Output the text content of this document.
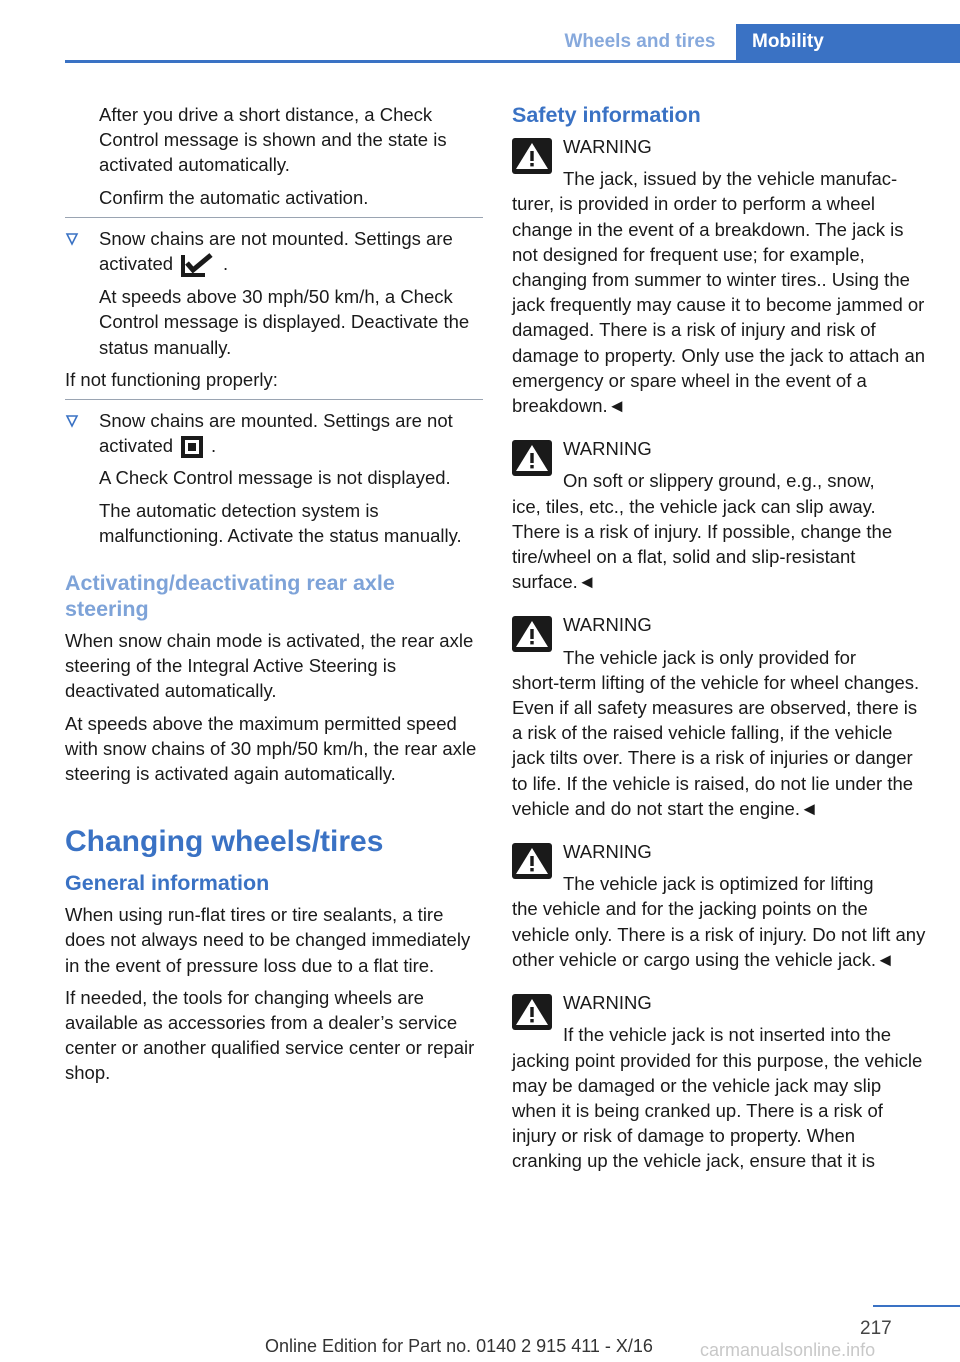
Wheels and tires	Mobility

After you drive a short distance, a Check Control message is shown and the state is activated automatically.

Confirm the automatic activation.

Snow chains are not mounted. Settings are activated	.

At speeds above 30 mph/50 km/h, a Check Control message is displayed. Deactivate the status manually.

If not functioning properly:

Snow chains are mounted. Settings are not activated .

A Check Control message is not displayed.

The automatic detection system is malfunctioning. Activate the status manually.

Activating/deactivating rear axle steering

When snow chain mode is activated, the rear axle steering of the Integral Active Steering is deactivated automatically.

At speeds above the maximum permitted speed with snow chains of 30 mph/50 km/h, the rear axle steering is activated again automatically.

Changing wheels/tires
General information

When using run-flat tires or tire sealants, a tire does not always need to be changed immediately in the event of pressure loss due to a flat tire.

If needed, the tools for changing wheels are available as accessories from a dealer’s service center or another qualified service center or repair shop.

Safety information
WARNING
The jack, issued by the vehicle manufac-
turer, is provided in order to perform a wheel change in the event of a breakdown. The jack is not designed for frequent use; for example, changing from summer to winter tires.. Using the jack frequently may cause it to become jammed or damaged. There is a risk of injury and risk of damage to property. Only use the jack to attach an emergency or spare wheel in the event of a breakdown.◄
WARNING
On soft or slippery ground, e.g., snow,
ice, tiles, etc., the vehicle jack can slip away. There is a risk of injury. If possible, change the tire/wheel on a flat, solid and slip-resistant surface.◄
WARNING
The vehicle jack is only provided for
short-term lifting of the vehicle for wheel changes. Even if all safety measures are observed, there is a risk of the raised vehicle falling, if the vehicle jack tilts over. There is a risk of injuries or danger to life. If the vehicle is raised, do not lie under the vehicle and do not start the engine.◄
WARNING
The vehicle jack is optimized for lifting
the vehicle and for the jacking points on the vehicle only. There is a risk of injury. Do not lift any other vehicle or cargo using the vehicle jack.◄
WARNING
If the vehicle jack is not inserted into the
jacking point provided for this purpose, the vehicle may be damaged or the vehicle jack may slip when it is being cranked up. There is a risk of injury or risk of damage to property. When cranking up the vehicle jack, ensure that it is
217
Online Edition for Part no. 0140 2 915 411 - X/16	carmanualsonline.info
